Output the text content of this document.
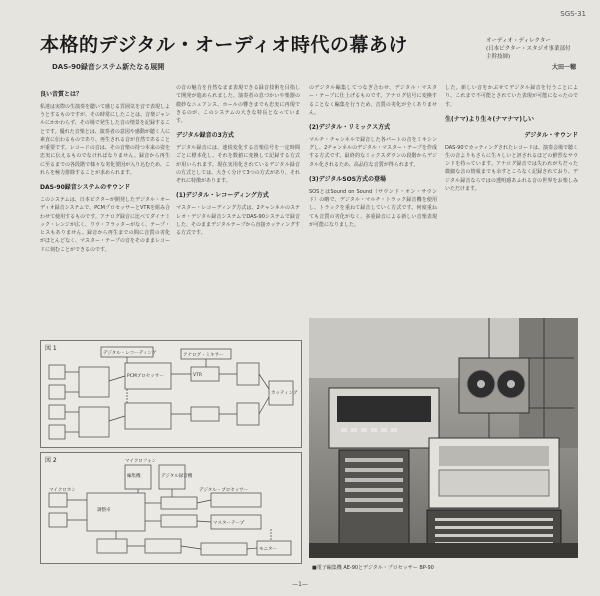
SGS-31
本格的デジタル・オーディオ時代の幕あけ
DAS-90録音システム新たなる展開
オーディオ・ディレクター
(日本ビクター・スタジオ事業部付主幹技師)
大田一穂
良い音質とは？

私達は実際の生演奏を聴いて感じる雰囲気を音で表現しようとするものですが、その時常にしたことは、音楽ジャンルにかかわらず、その場で発生した音の情景を記録することです。優れた音楽とは、演奏者の意図や感動が聴く人に素直に伝わるものであり、再生される音が自然であることが重要です。レコードの音は、その音楽の持つ本来の姿を忠実に伝えるものでなければなりません。録音から再生に至るまでの各段階で様々な劣化要因が入り込むため、これらを極力排除することが求められます。

DAS-90録音システムのサウンド

このシステムは、日本ビクターが開発したデジタル・オーディオ録音システムで、PCMプロセッサーとVTRを組み合わせて使用するものです。アナログ録音に比べてダイナミック・レンジが広く、ワウ・フラッターがなく、テープ・ヒスもありません。録音から再生までの間に音質の劣化がほとんどなく、マスター・テープの音をそのままレコードに刻むことができるのです。

の音の魅力を自然なまま表現できる録音技術を目指して開発が進められました。演奏者の息づかいや楽器の微妙なニュアンス、ホールの響きまでも忠実に再現できるのが、このシステムの大きな特長となっています。

デジタル録音の3方式

デジタル録音には、連続変化する音楽信号を一定時間ごとに標本化し、それを数値に変換して記録する方式が用いられます。現在実用化されているデジタル録音の方式としては、大きく分けて3つの方式があり、それぞれに特徴があります。

(1)デジタル・レコーディング方式

マスター・レコーディング方式は、2チャンネルのステレオ・デジタル録音システムでDAS-90システムで録音した、そのままデジタルテープから直接カッティングする方式です。

のデジタル編集してつなぎ合わせ、デジタル・マスター・テープに仕上げるものです。アナログ信号に変換することなく編集を行うため、音質の劣化が全くありません。

(2)デジタル・リミックス方式

マルチ・チャンネルで録音した各パートの音をミキシングし、2チャンネルのデジタル・マスター・テープを作成する方式です。最終的なミックスダウンの段階からデジタル化されるため、高品位な音質が得られます。

(3)デジタルSOS方式の登場

SOSとはSound on Sound（サウンド・オン・サウンド）の略で、デジタル・マルチ・トラック録音機を使用し、トラックを重ねて録音していく方式です。何度重ねても音質の劣化がなく、多重録音による新しい音楽表現が可能になりました。

した。新しい音をかぶせてデジタル録音を行うことにより、これまで不可能とされていた表現が可能になったのです。

生(ナマ)より生々(ナマナマ)しい
デジタル・サウンド

DAS-90でカッティングされたレコードは、演奏会場で聴く生の音よりもさらに生々しいと評されるほどの鮮烈なサウンドを持っています。アナログ録音では失われがちだった微細な音の情報までも余すところなく記録されており、デジタル録音ならではの透明感あふれる音の世界をお楽しみいただけます。

図 1
デジタル・レコーディング	アナログ・ミキサー
PCMプロセッサー	VTR
カッティング
図 2	マイクロフォン
デジタル録音機
編集機
マイクロホン
調整卓
デジタル・プロセッサー
マスターテープ
モニター
■電子編集機 AE-90とデジタル・プロセッサー BP-90
—1—
